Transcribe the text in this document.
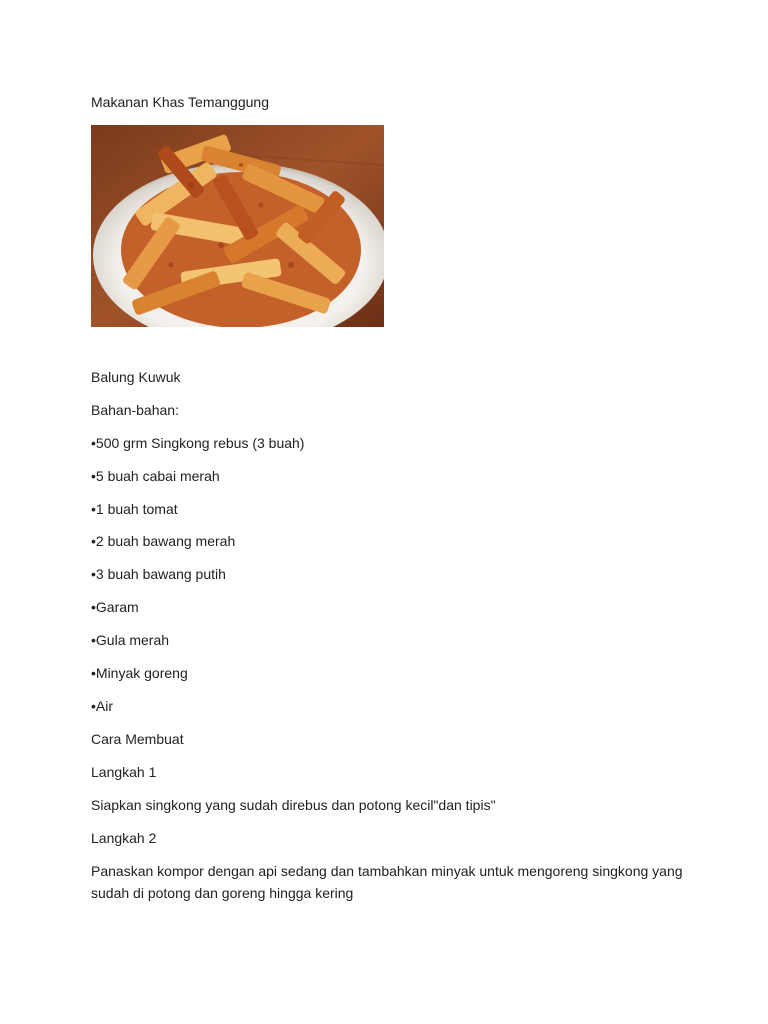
Makanan Khas Temanggung
Balung Kuwuk
Bahan-bahan:
•500 grm Singkong rebus (3 buah)
•5 buah cabai merah
•1 buah tomat
•2 buah bawang merah
•3 buah bawang putih
•Garam
•Gula merah
•Minyak goreng
•Air
Cara Membuat
Langkah 1
Siapkan singkong yang sudah direbus dan potong kecil"dan tipis"
Langkah 2
Panaskan kompor dengan api sedang dan tambahkan minyak untuk mengoreng singkong yang sudah di potong dan goreng hingga kering
